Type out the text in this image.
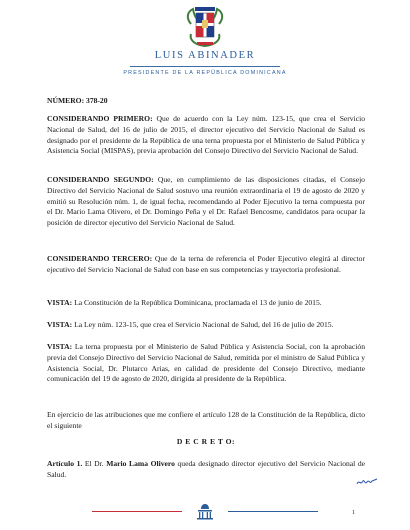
LUIS ABINADER
PRESIDENTE DE LA REPÚBLICA DOMINICANA
NÚMERO: 378-20
CONSIDERANDO PRIMERO: Que de acuerdo con la Ley núm. 123-15, que crea el Servicio Nacional de Salud, del 16 de julio de 2015, el director ejecutivo del Servicio Nacional de Salud es designado por el presidente de la República de una terna propuesta por el Ministerio de Salud Pública y Asistencia Social (MISPAS), previa aprobación del Consejo Directivo del Servicio Nacional de Salud.
CONSIDERANDO SEGUNDO: Que, en cumplimiento de las disposiciones citadas, el Consejo Directivo del Servicio Nacional de Salud sostuvo una reunión extraordinaria el 19 de agosto de 2020 y emitió su Resolución núm. 1, de igual fecha, recomendando al Poder Ejecutivo la terna compuesta por el Dr. Mario Lama Olivero, el Dr. Domingo Peña y el Dr. Rafael Bencosme, candidatos para ocupar la posición de director ejecutivo del Servicio Nacional de Salud.
CONSIDERANDO TERCERO: Que de la terna de referencia el Poder Ejecutivo elegirá al director ejecutivo del Servicio Nacional de Salud con base en sus competencias y trayectoria profesional.
VISTA: La Constitución de la República Dominicana, proclamada el 13 de junio de 2015.
VISTA: La Ley núm. 123-15, que crea el Servicio Nacional de Salud, del 16 de julio de 2015.
VISTA: La terna propuesta por el Ministerio de Salud Pública y Asistencia Social, con la aprobación previa del Consejo Directivo del Servicio Nacional de Salud, remitida por el ministro de Salud Pública y Asistencia Social, Dr. Plutarco Arias, en calidad de presidente del Consejo Directivo, mediante comunicación del 19 de agosto de 2020, dirigida al presidente de la República.
En ejercicio de las atribuciones que me confiere el artículo 128 de la Constitución de la República, dicto el siguiente
D E C R E T O:
Artículo 1. El Dr. Mario Lama Olivero queda designado director ejecutivo del Servicio Nacional de Salud.
1
